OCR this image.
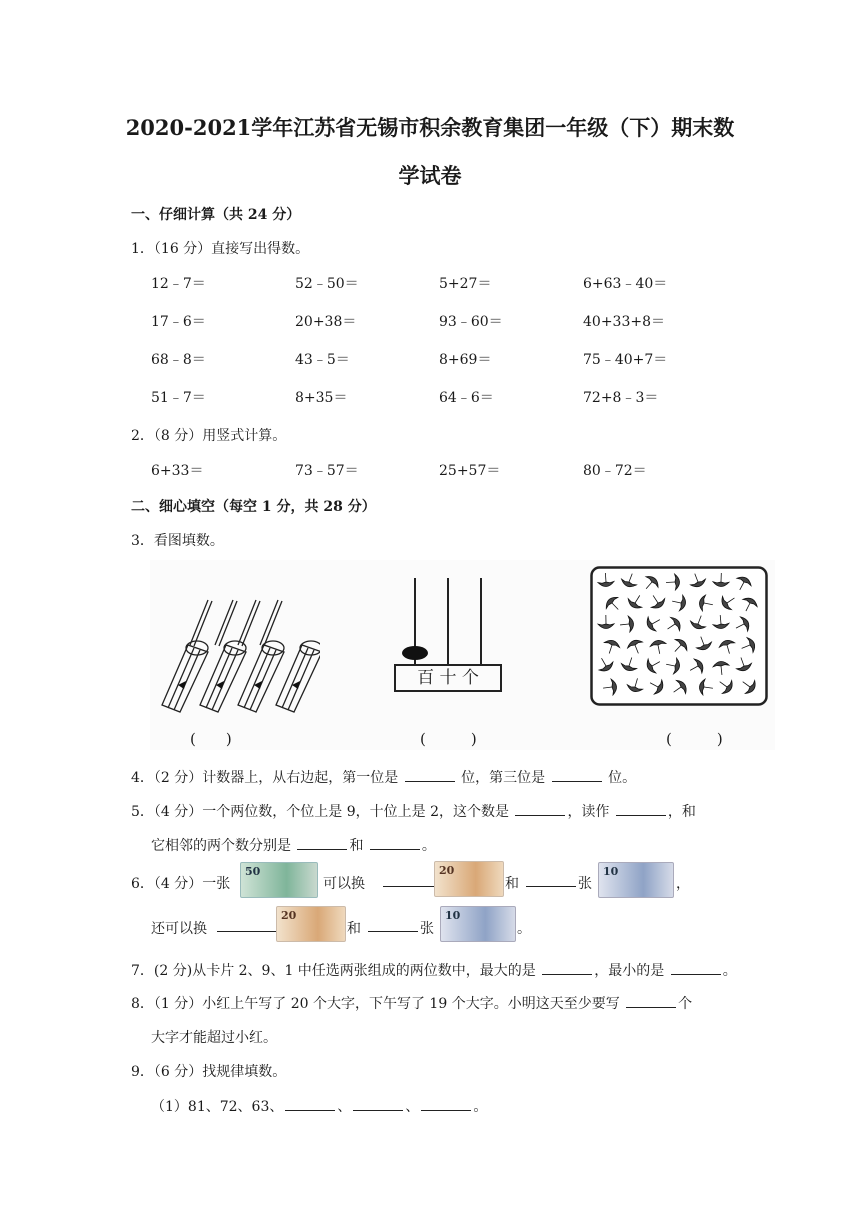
2020-2021学年江苏省无锡市积余教育集团一年级（下）期末数
学试卷
一、仔细计算（共 24 分）
1．（16 分）直接写出得数。
12﹣7＝	52﹣50＝	5+27＝	6+63﹣40＝
17﹣6＝	20+38＝	93﹣60＝	40+33+8＝
68﹣8＝	43﹣5＝	8+69＝	75﹣40+7＝
51﹣7＝	8+35＝	64﹣6＝	72+8﹣3＝
2．（8 分）用竖式计算。
6+33＝	73﹣57＝	25+57＝	80﹣72＝
二、细心填空（每空 1 分，共 28 分）
3．看图填数。
百 十 个
(　　)	(　　　)	(　　　)
4．（2 分）计数器上，从右边起，第一位是	位，第三位是	位。
5．（4 分）一个两位数，个位上是 9，十位上是 2，这个数是	，读作	，和
它相邻的两个数分别是	和	。
6．（4 分）一张
50
可以换
20
和	张
10
，
还可以换
20
和	张
10
。
7．(2 分)从卡片 2、9、1 中任选两张组成的两位数中，最大的是	，最小的是	。
8．（1 分）小红上午写了 20 个大字，下午写了 19 个大字。小明这天至少要写	个
大字才能超过小红。
9．（6 分）找规律填数。
（1）81、72、63、	、	、	。
